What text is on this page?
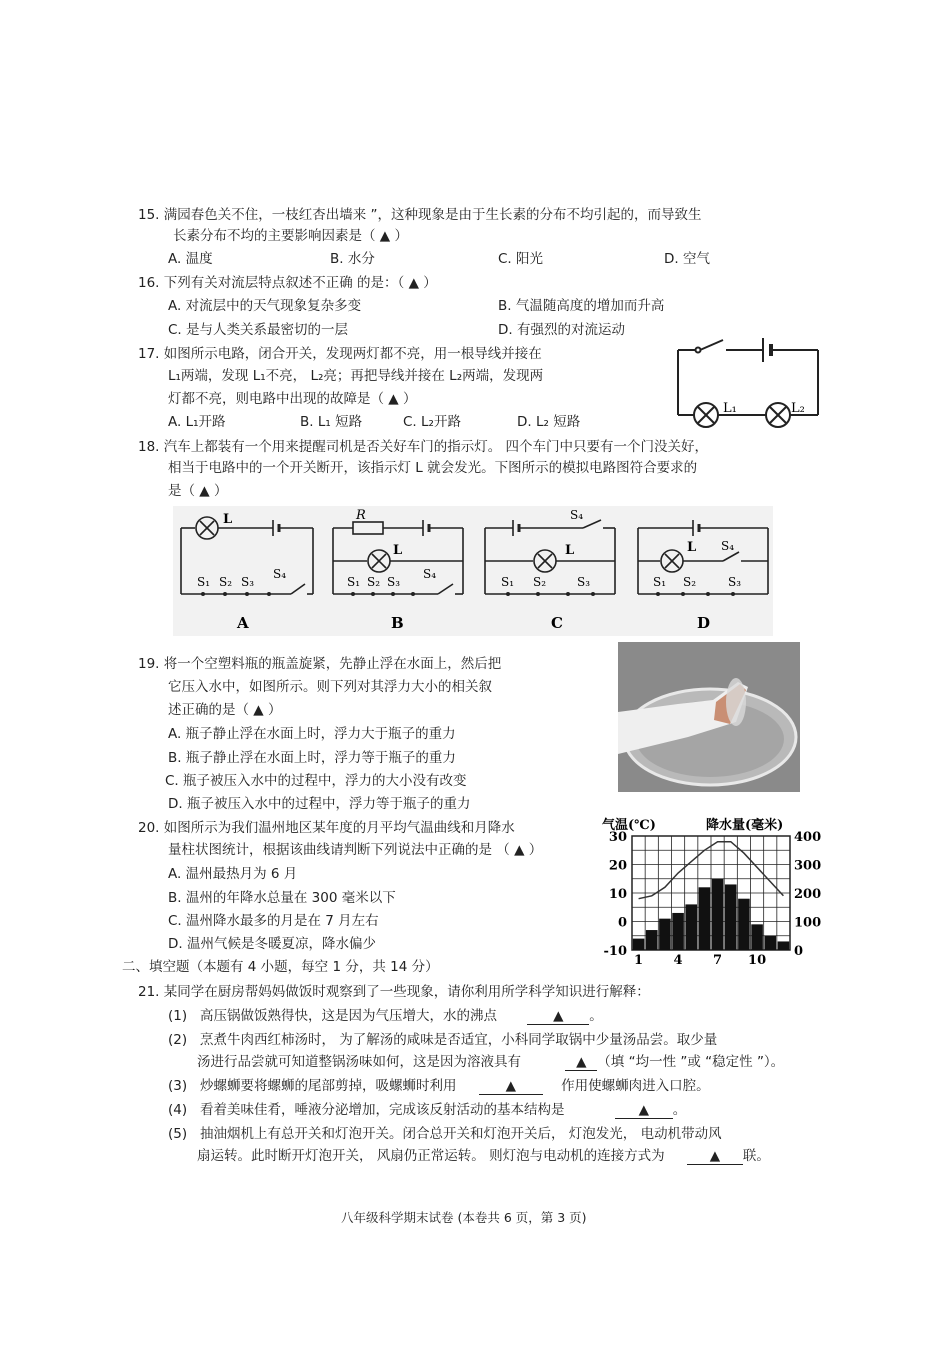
15. 满园春色关不住，一枝红杏出墙来 ”，这种现象是由于生长素的分布不均引起的，而导致生
长素分布不均的主要影响因素是（ ▲ ）
A. 温度	B. 水分	C. 阳光	D. 空气
16. 下列有关对流层特点叙述不正确 的是：（ ▲ ）
A. 对流层中的天气现象复杂多变	B. 气温随高度的增加而升高
C. 是与人类关系最密切的一层	D. 有强烈的对流运动
17. 如图所示电路，闭合开关，发现两灯都不亮，用一根导线并接在
L₁两端，发现 L₁不亮， L₂亮；再把导线并接在 L₂两端，发现两
灯都不亮，则电路中出现的故障是（ ▲ ）
A. L₁开路	B. L₁ 短路	C. L₂开路	D. L₂ 短路
L₁	L₂
18. 汽车上都装有一个用来提醒司机是否关好车门的指示灯。 四个车门中只要有一个门没关好，
相当于电路中的一个开关断开，该指示灯 L 就会发光。下图所示的模拟电路图符合要求的
是（ ▲ ）
L
S₁ S₂ S₃
S₄
A
R
L
S₁ S₂ S₃
S₄
B
L
S₁ S₂	S₃
S₄
C
L
S₁ S₂	S₃
S₄
D
19. 将一个空塑料瓶的瓶盖旋紧，先静止浮在水面上，然后把
它压入水中，如图所示。则下列对其浮力大小的相关叙
述正确的是（ ▲ ）
A. 瓶子静止浮在水面上时，浮力大于瓶子的重力
B. 瓶子静止浮在水面上时，浮力等于瓶子的重力
C. 瓶子被压入水中的过程中，浮力的大小没有改变
D. 瓶子被压入水中的过程中，浮力等于瓶子的重力
20. 如图所示为我们温州地区某年度的月平均气温曲线和月降水
量柱状图统计，根据该曲线请判断下列说法中正确的是 （ ▲ ）
A. 温州最热月为 6 月
B. 温州的年降水总量在 300 毫米以下
C. 温州降水最多的月是在 7 月左右
D. 温州气候是冬暖夏凉，降水偏少
气温(℃)	降水量(毫米)
30
20
10
0
-10
400
300
200
100
0
1 4 7 10
二、填空题（本题有 4 小题，每空 1 分，共 14 分）
21. 某同学在厨房帮妈妈做饭时观察到了一些现象，请你利用所学科学知识进行解释：
(1) 高压锅做饭熟得快，这是因为气压增大，水的沸点	▲ 。
(2) 烹煮牛肉西红柿汤时， 为了解汤的咸味是否适宜，小科同学取锅中少量汤品尝。取少量
汤进行品尝就可知道整锅汤味如何，这是因为溶液具有	▲ （填 “均一性 ”或 “稳定性 ”）。
(3) 炒螺蛳要将螺蛳的尾部剪掉，吸螺蛳时利用	▲	作用使螺蛳肉进入口腔。
(4) 看着美味佳肴，唾液分泌增加，完成该反射活动的基本结构是	▲ 。
(5) 抽油烟机上有总开关和灯泡开关。闭合总开关和灯泡开关后， 灯泡发光， 电动机带动风
扇运转。此时断开灯泡开关， 风扇仍正常运转。 则灯泡与电动机的连接方式为	▲ 联。
八年级科学期末试卷 (本卷共 6 页，第 3 页)
